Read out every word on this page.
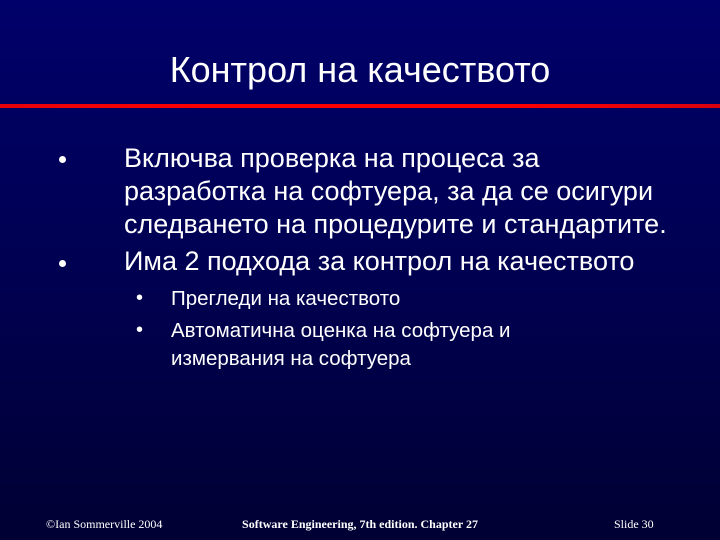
Контрол на качеството
Включва проверка на процеса за
разработка на софтуера, за да се осигури
следването на процедурите и стандартите.
Има 2 подхода за контрол на качеството
• Прегледи на качеството
• Автоматична оценка на софтуера и
измервания на софтуера
©Ian Sommerville 2004	Software Engineering, 7th edition. Chapter 27	Slide 30
